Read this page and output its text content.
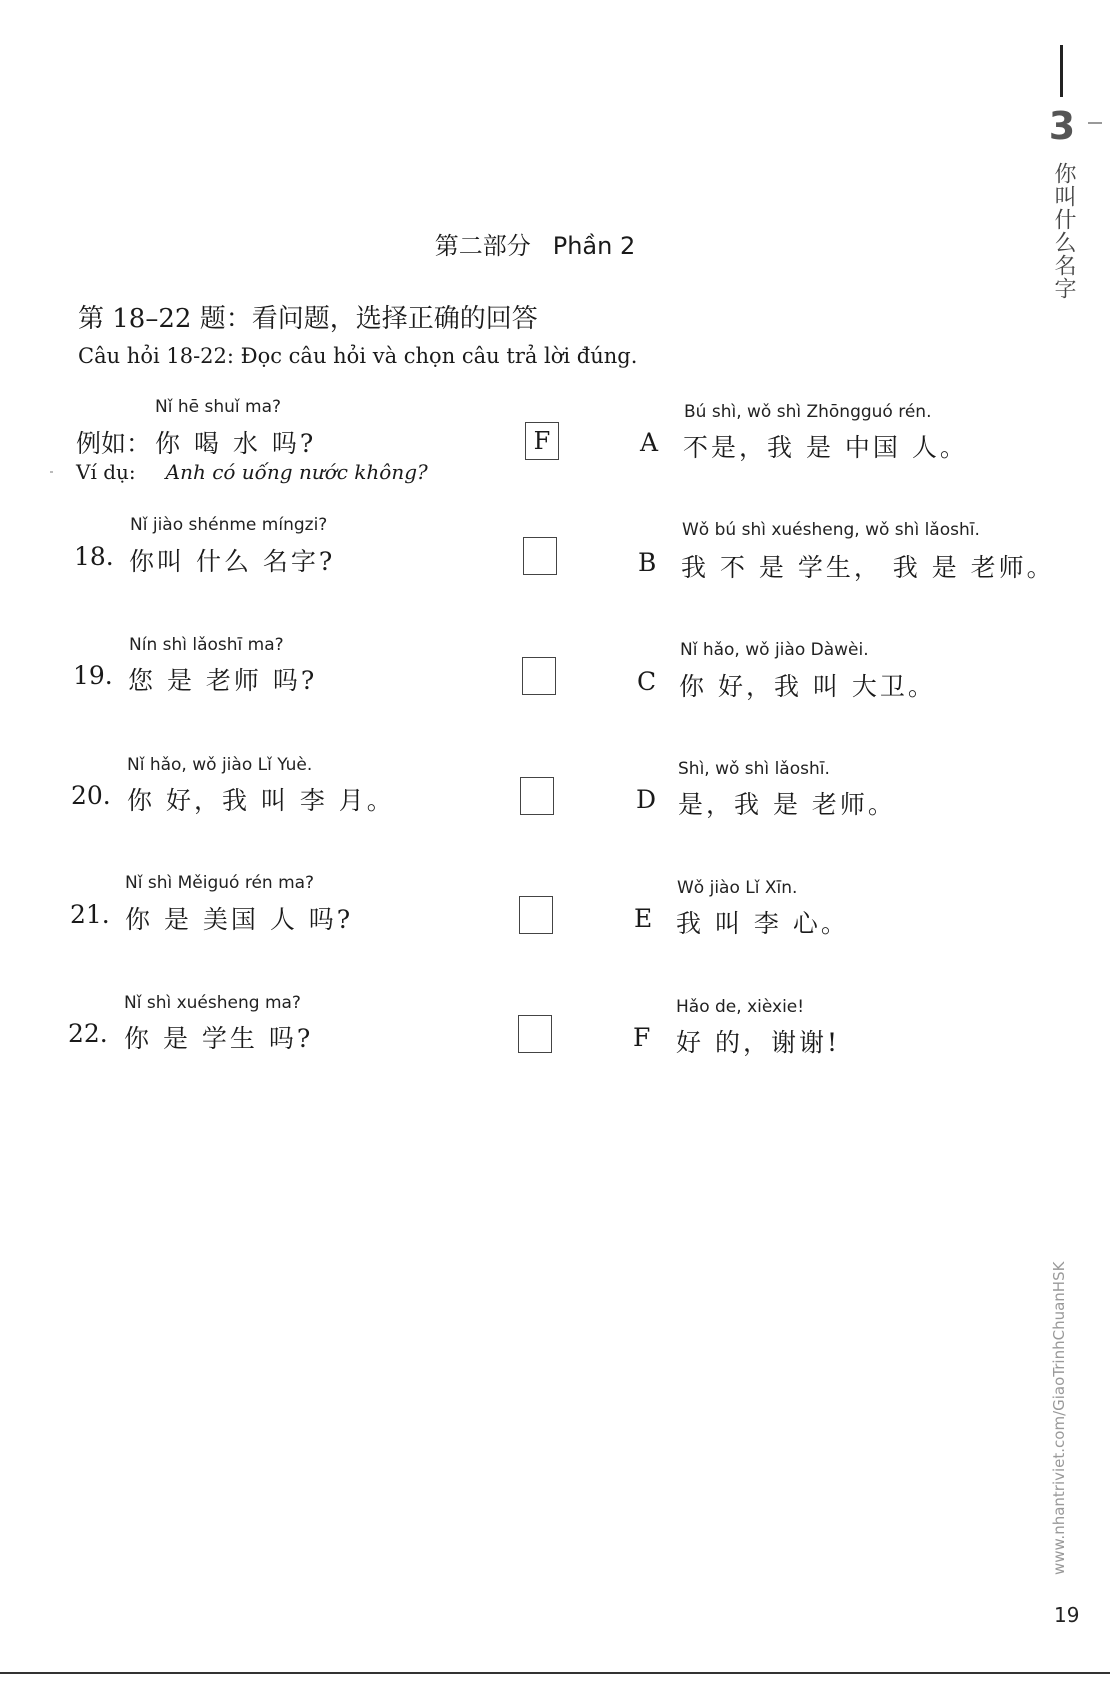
3
你叫什么名字
第二部分 Phần 2
第 18–22 题：看问题，选择正确的回答
Câu hỏi 18-22: Đọc câu hỏi và chọn câu trả lời đúng.
Nǐ hē shuǐ ma?
例如： 你 喝 水 吗?
Ví dụ: Anh có uống nước không?
F
Nǐ jiào shénme míngzi?
18. 你叫 什么 名字?
Nín shì lǎoshī ma?
19. 您 是 老师 吗?
Nǐ hǎo, wǒ jiào Lǐ Yuè.
20. 你 好，我 叫 李 月。
Nǐ shì Měiguó rén ma?
21. 你 是 美国 人 吗?
Nǐ shì xuésheng ma?
22. 你 是 学生 吗?
Bú shì, wǒ shì Zhōngguó rén.
A 不是，我 是 中国 人。
Wǒ bú shì xuésheng, wǒ shì lǎoshī.
B 我 不 是 学生， 我 是 老师。
Nǐ hǎo, wǒ jiào Dàwèi.
C 你 好，我 叫 大卫。
Shì, wǒ shì lǎoshī.
D 是，我 是 老师。
Wǒ jiào Lǐ Xīn.
E 我 叫 李 心。
Hǎo de, xièxie!
F 好 的，谢谢!
www.nhantriviet.com/GiaoTrinhChuanHSK
19
